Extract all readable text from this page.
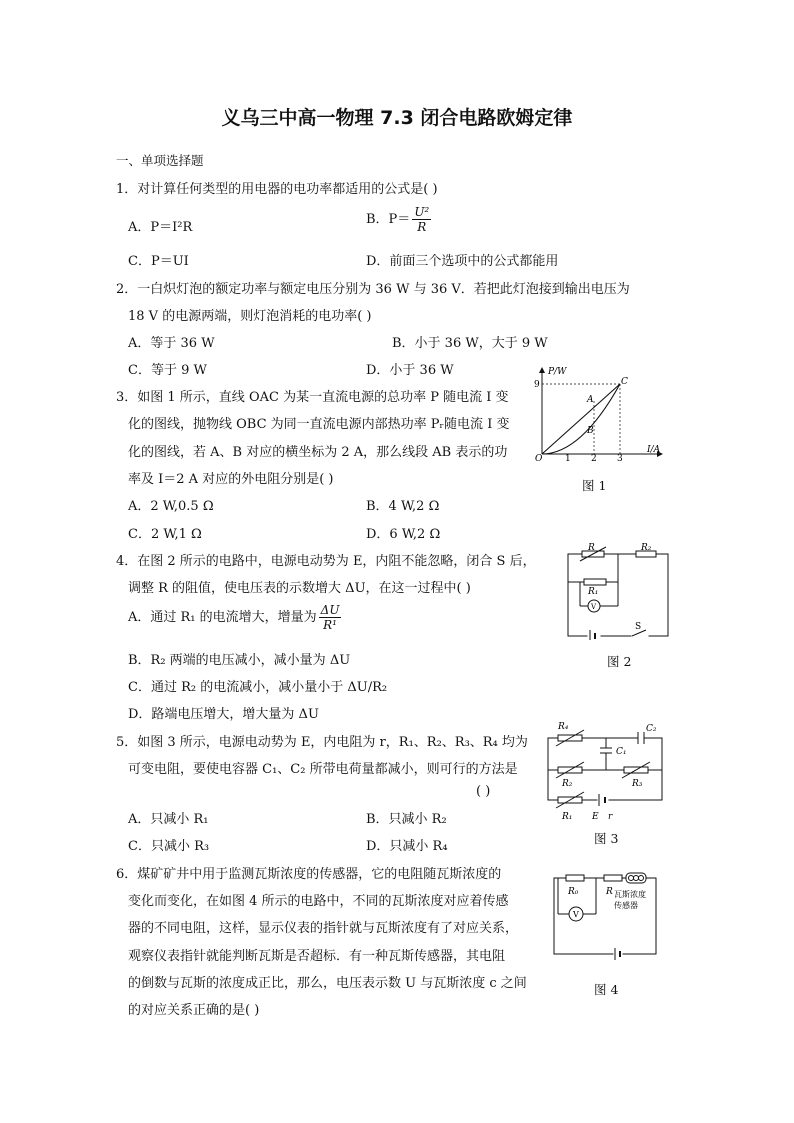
义乌三中高一物理 7.3 闭合电路欧姆定律
一、单项选择题
1．对计算任何类型的用电器的电功率都适用的公式是( )
A．P＝I²R
B．$P= \frac{\text{U²}}{R}$
C．P＝UI	D．前面三个选项中的公式都能用
2．一白炽灯泡的额定功率与额定电压分别为 36 W 与 36 V．若把此灯泡接到输出电压为
18 V 的电源两端，则灯泡消耗的电功率( )
A．等于 36 W	B．小于 36 W，大于 9 W
C．等于 9 W	D．小于 36 W
3．如图 1 所示，直线 OAC 为某一直流电源的总功率 P 随电流 I 变
化的图线，抛物线 OBC 为同一直流电源内部热功率 Pᵣ随电流 I 变
化的图线，若 A、B 对应的横坐标为 2 A，那么线段 AB 表示的功
率及 I＝2 A 对应的外电阻分别是( )
A．2 W,0.5 Ω	B．4 W,2 Ω
C．2 W,1 Ω	D．6 W,2 Ω
P/W
I/A
9
O	1 2 3
A
B
C
图 1
4．在图 2 所示的电路中，电源电动势为 E，内阻不能忽略，闭合 S 后，
调整 R 的阻值，使电压表的示数增大 ΔU，在这一过程中( )
A．通过 R₁ 的电流增大，增量为 $\frac{\Delta U}{\text{R¹}}$
B．R₂ 两端的电压减小，减小量为 ΔU
C．通过 R₂ 的电流减小，减小量小于 ΔU/R₂
D．路端电压增大，增大量为 ΔU
R	R₂
R₁
V
S
图 2
5．如图 3 所示，电源电动势为 E，内电阻为 r，R₁、R₂、R₃、R₄ 均为
可变电阻，要使电容器 C₁、C₂ 所带电荷量都减小，则可行的方法是
( )
A．只减小 R₁	B．只减小 R₂
C．只减小 R₃	D．只减小 R₄
R₄	C₂
C₁
R₂	R₃
R₁ E r
图 3
6．煤矿矿井中用于监测瓦斯浓度的传感器，它的电阻随瓦斯浓度的
变化而变化，在如图 4 所示的电路中，不同的瓦斯浓度对应着传感
器的不同电阻，这样，显示仪表的指针就与瓦斯浓度有了对应关系，
观察仪表指针就能判断瓦斯是否超标．有一种瓦斯传感器，其电阻
的倒数与瓦斯的浓度成正比，那么，电压表示数 U 与瓦斯浓度 c 之间
的对应关系正确的是( )
R₀	R 瓦斯浓度
传感器
V
图 4
